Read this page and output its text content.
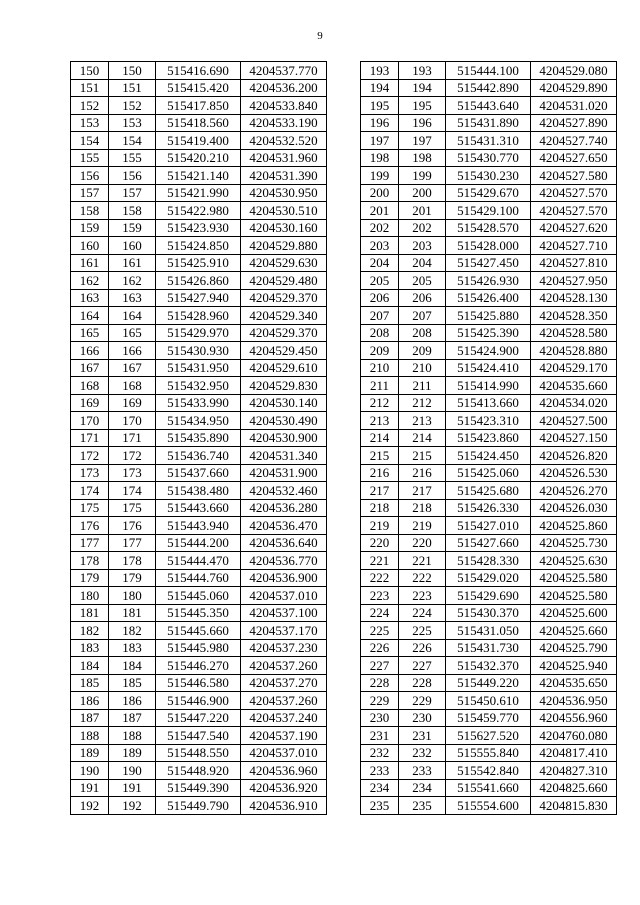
9
150	150	515416.690	4204537.770
151	151	515415.420	4204536.200
152	152	515417.850	4204533.840
153	153	515418.560	4204533.190
154	154	515419.400	4204532.520
155	155	515420.210	4204531.960
156	156	515421.140	4204531.390
157	157	515421.990	4204530.950
158	158	515422.980	4204530.510
159	159	515423.930	4204530.160
160	160	515424.850	4204529.880
161	161	515425.910	4204529.630
162	162	515426.860	4204529.480
163	163	515427.940	4204529.370
164	164	515428.960	4204529.340
165	165	515429.970	4204529.370
166	166	515430.930	4204529.450
167	167	515431.950	4204529.610
168	168	515432.950	4204529.830
169	169	515433.990	4204530.140
170	170	515434.950	4204530.490
171	171	515435.890	4204530.900
172	172	515436.740	4204531.340
173	173	515437.660	4204531.900
174	174	515438.480	4204532.460
175	175	515443.660	4204536.280
176	176	515443.940	4204536.470
177	177	515444.200	4204536.640
178	178	515444.470	4204536.770
179	179	515444.760	4204536.900
180	180	515445.060	4204537.010
181	181	515445.350	4204537.100
182	182	515445.660	4204537.170
183	183	515445.980	4204537.230
184	184	515446.270	4204537.260
185	185	515446.580	4204537.270
186	186	515446.900	4204537.260
187	187	515447.220	4204537.240
188	188	515447.540	4204537.190
189	189	515448.550	4204537.010
190	190	515448.920	4204536.960
191	191	515449.390	4204536.920
192	192	515449.790	4204536.910
193	193	515444.100	4204529.080
194	194	515442.890	4204529.890
195	195	515443.640	4204531.020
196	196	515431.890	4204527.890
197	197	515431.310	4204527.740
198	198	515430.770	4204527.650
199	199	515430.230	4204527.580
200	200	515429.670	4204527.570
201	201	515429.100	4204527.570
202	202	515428.570	4204527.620
203	203	515428.000	4204527.710
204	204	515427.450	4204527.810
205	205	515426.930	4204527.950
206	206	515426.400	4204528.130
207	207	515425.880	4204528.350
208	208	515425.390	4204528.580
209	209	515424.900	4204528.880
210	210	515424.410	4204529.170
211	211	515414.990	4204535.660
212	212	515413.660	4204534.020
213	213	515423.310	4204527.500
214	214	515423.860	4204527.150
215	215	515424.450	4204526.820
216	216	515425.060	4204526.530
217	217	515425.680	4204526.270
218	218	515426.330	4204526.030
219	219	515427.010	4204525.860
220	220	515427.660	4204525.730
221	221	515428.330	4204525.630
222	222	515429.020	4204525.580
223	223	515429.690	4204525.580
224	224	515430.370	4204525.600
225	225	515431.050	4204525.660
226	226	515431.730	4204525.790
227	227	515432.370	4204525.940
228	228	515449.220	4204535.650
229	229	515450.610	4204536.950
230	230	515459.770	4204556.960
231	231	515627.520	4204760.080
232	232	515555.840	4204817.410
233	233	515542.840	4204827.310
234	234	515541.660	4204825.660
235	235	515554.600	4204815.830
